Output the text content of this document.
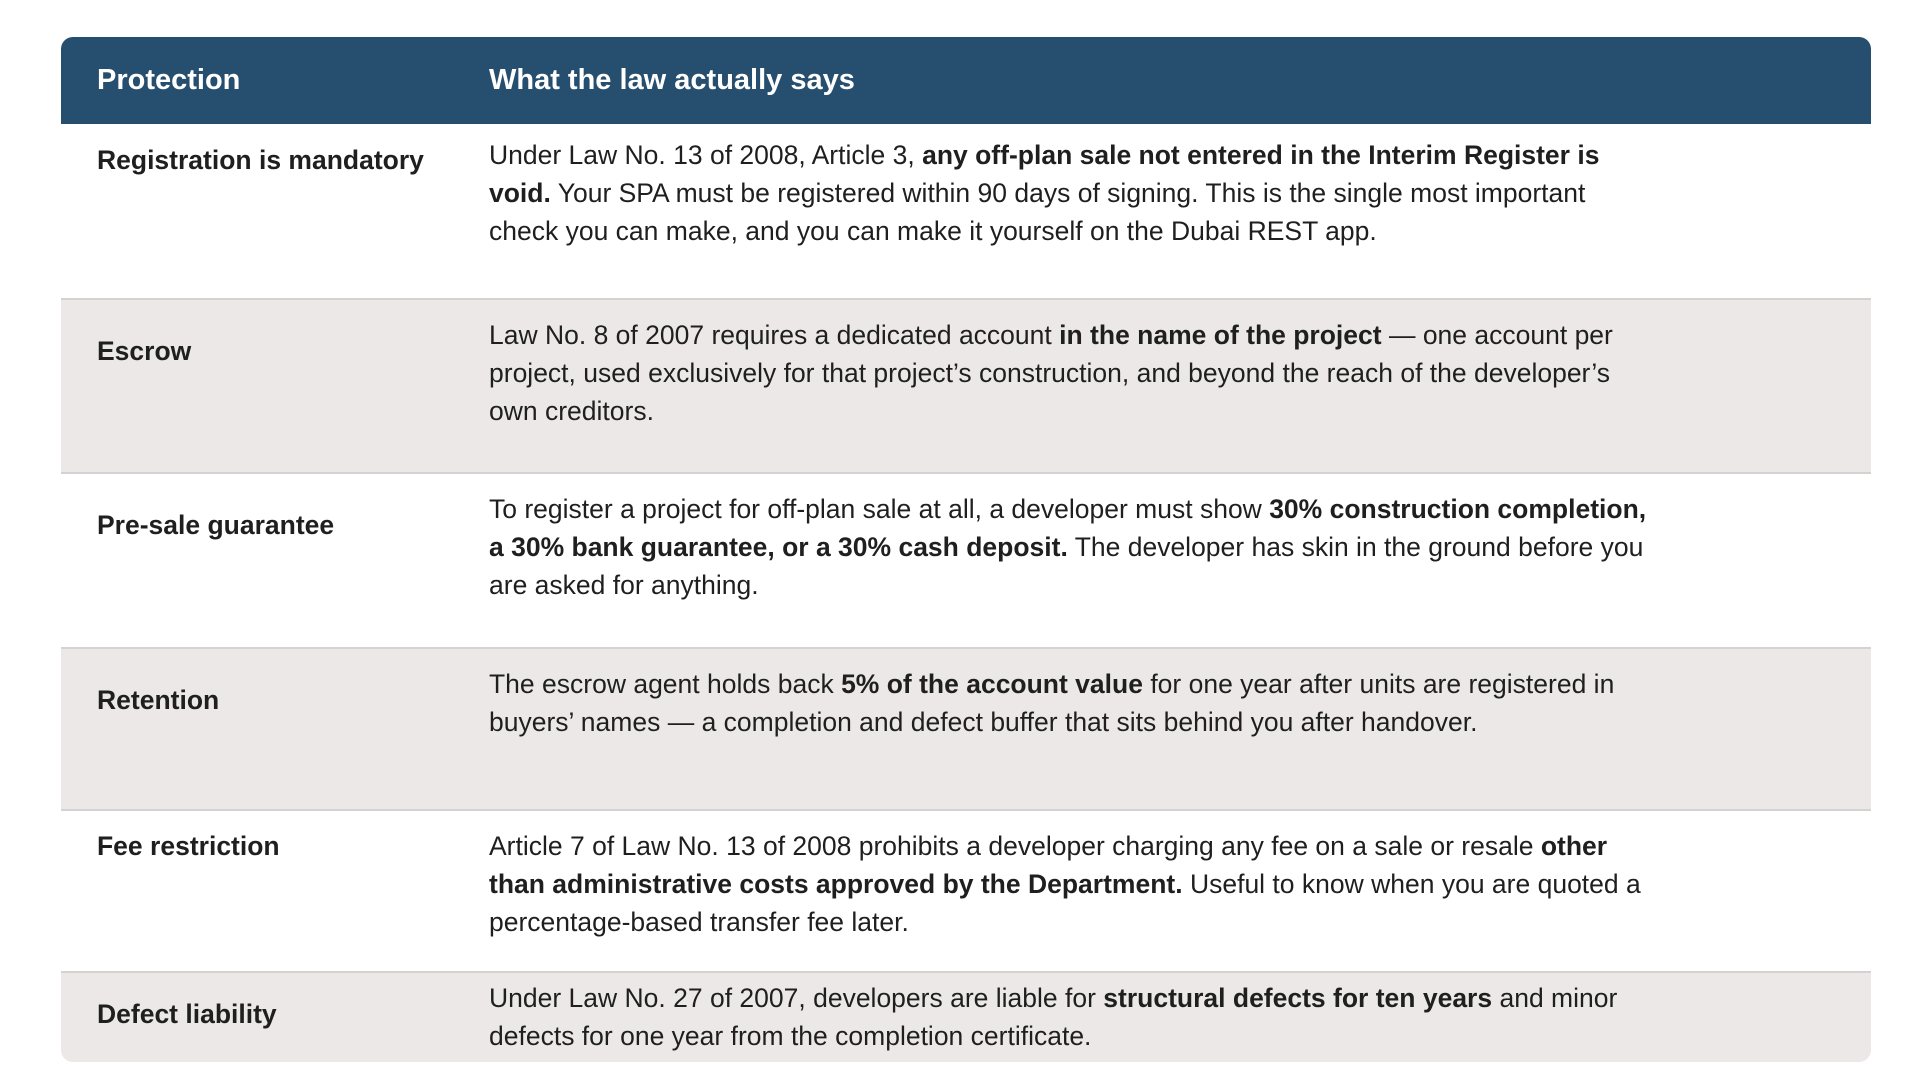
Protection	What the law actually says
Registration is mandatory	Under Law No. 13 of 2008, Article 3, any off-plan sale not entered in the Interim Register is void. Your SPA must be registered within 90 days of signing. This is the single most important check you can make, and you can make it yourself on the Dubai REST app.
Escrow	Law No. 8 of 2007 requires a dedicated account in the name of the project — one account per project, used exclusively for that project’s construction, and beyond the reach of the developer’s own creditors.
Pre-sale guarantee	To register a project for off-plan sale at all, a developer must show 30% construction completion, a 30% bank guarantee, or a 30% cash deposit. The developer has skin in the ground before you are asked for anything.
Retention	The escrow agent holds back 5% of the account value for one year after units are registered in buyers’ names — a completion and defect buffer that sits behind you after handover.
Fee restriction	Article 7 of Law No. 13 of 2008 prohibits a developer charging any fee on a sale or resale other than administrative costs approved by the Department. Useful to know when you are quoted a percentage-based transfer fee later.
Defect liability	Under Law No. 27 of 2007, developers are liable for structural defects for ten years and minor defects for one year from the completion certificate.
